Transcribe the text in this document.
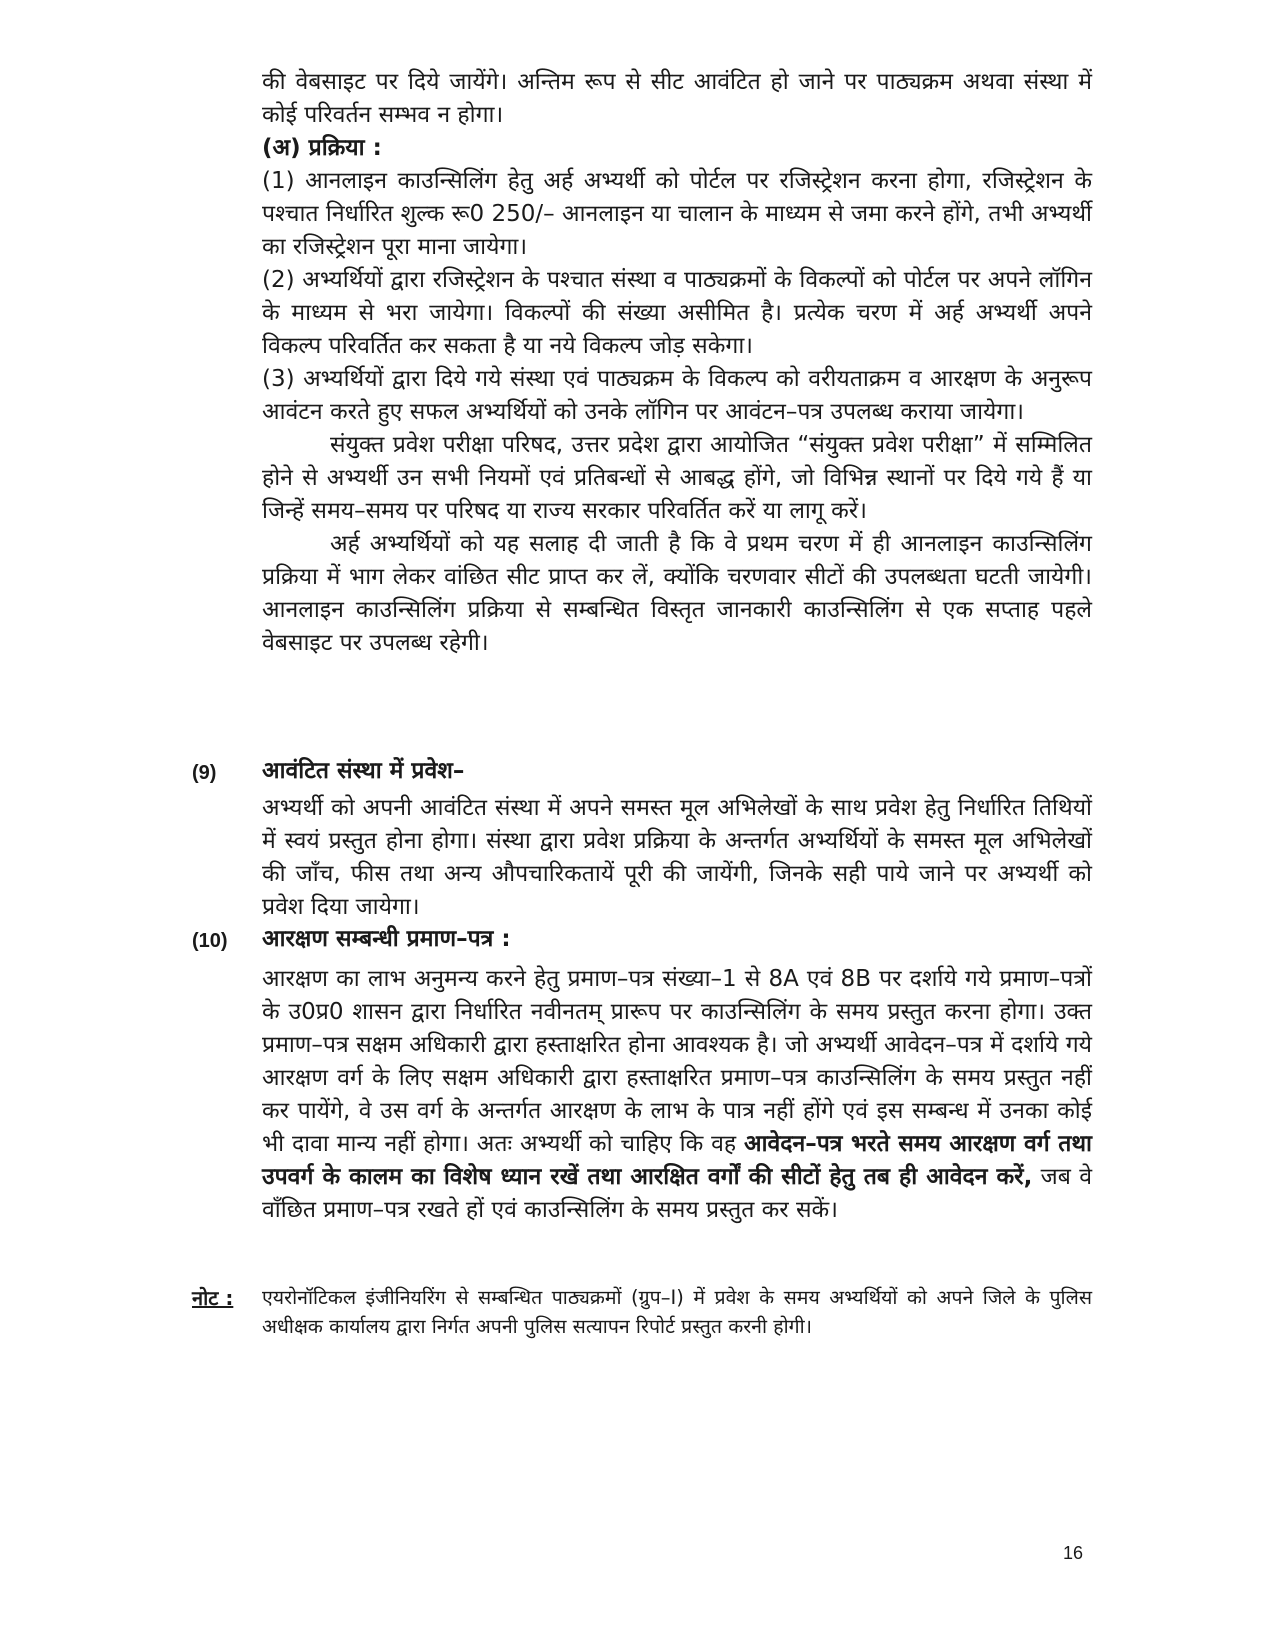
की वेबसाइट पर दिये जायेंगे। अन्तिम रूप से सीट आवंटित हो जाने पर पाठ्यक्रम अथवा संस्था में कोई परिवर्तन सम्भव न होगा।

(अ) प्रक्रिया :

(1) आनलाइन काउन्सिलिंग हेतु अर्ह अभ्यर्थी को पोर्टल पर रजिस्ट्रेशन करना होगा, रजिस्ट्रेशन के पश्चात निर्धारित शुल्क रू0 250/– आनलाइन या चालान के माध्यम से जमा करने होंगे, तभी अभ्यर्थी का रजिस्ट्रेशन पूरा माना जायेगा।

(2) अभ्यर्थियों द्वारा रजिस्ट्रेशन के पश्चात संस्था व पाठ्यक्रमों के विकल्पों को पोर्टल पर अपने लॉगिन के माध्यम से भरा जायेगा। विकल्पों की संख्या असीमित है। प्रत्येक चरण में अर्ह अभ्यर्थी अपने विकल्प परिवर्तित कर सकता है या नये विकल्प जोड़ सकेगा।

(3) अभ्यर्थियों द्वारा दिये गये संस्था एवं पाठ्यक्रम के विकल्प को वरीयताक्रम व आरक्षण के अनुरूप आवंटन करते हुए सफल अभ्यर्थियों को उनके लॉगिन पर आवंटन–पत्र उपलब्ध कराया जायेगा।

संयुक्त प्रवेश परीक्षा परिषद, उत्तर प्रदेश द्वारा आयोजित “संयुक्त प्रवेश परीक्षा” में सम्मिलित होने से अभ्यर्थी उन सभी नियमों एवं प्रतिबन्धों से आबद्ध होंगे, जो विभिन्न स्थानों पर दिये गये हैं या जिन्हें समय–समय पर परिषद या राज्य सरकार परिवर्तित करें या लागू करें।

अर्ह अभ्यर्थियों को यह सलाह दी जाती है कि वे प्रथम चरण में ही आनलाइन काउन्सिलिंग प्रक्रिया में भाग लेकर वांछित सीट प्राप्त कर लें, क्योंकि चरणवार सीटों की उपलब्धता घटती जायेगी। आनलाइन काउन्सिलिंग प्रक्रिया से सम्बन्धित विस्तृत जानकारी काउन्सिलिंग से एक सप्ताह पहले वेबसाइट पर उपलब्ध रहेगी।

(9) आवंटित संस्था में प्रवेश–

अभ्यर्थी को अपनी आवंटित संस्था में अपने समस्त मूल अभिलेखों के साथ प्रवेश हेतु निर्धारित तिथियों में स्वयं प्रस्तुत होना होगा। संस्था द्वारा प्रवेश प्रक्रिया के अन्तर्गत अभ्यर्थियों के समस्त मूल अभिलेखों की जाँच, फीस तथा अन्य औपचारिकतायें पूरी की जायेंगी, जिनके सही पाये जाने पर अभ्यर्थी को प्रवेश दिया जायेगा।

(10) आरक्षण सम्बन्धी प्रमाण–पत्र :

आरक्षण का लाभ अनुमन्य करने हेतु प्रमाण–पत्र संख्या–1 से 8A एवं 8B पर दर्शाये गये प्रमाण–पत्रों के उ0प्र0 शासन द्वारा निर्धारित नवीनतम् प्रारूप पर काउन्सिलिंग के समय प्रस्तुत करना होगा। उक्त प्रमाण–पत्र सक्षम अधिकारी द्वारा हस्ताक्षरित होना आवश्यक है। जो अभ्यर्थी आवेदन–पत्र में दर्शाये गये आरक्षण वर्ग के लिए सक्षम अधिकारी द्वारा हस्ताक्षरित प्रमाण–पत्र काउन्सिलिंग के समय प्रस्तुत नहीं कर पायेंगे, वे उस वर्ग के अन्तर्गत आरक्षण के लाभ के पात्र नहीं होंगे एवं इस सम्बन्ध में उनका कोई भी दावा मान्य नहीं होगा। अतः अभ्यर्थी को चाहिए कि वह आवेदन–पत्र भरते समय आरक्षण वर्ग तथा उपवर्ग के कालम का विशेष ध्यान रखें तथा आरक्षित वर्गों की सीटों हेतु तब ही आवेदन करें, जब वे वाँछित प्रमाण–पत्र रखते हों एवं काउन्सिलिंग के समय प्रस्तुत कर सकें।

नोट : एयरोनॉटिकल इंजीनियरिंग से सम्बन्धित पाठ्यक्रमों (ग्रुप–I) में प्रवेश के समय अभ्यर्थियों को अपने जिले के पुलिस अधीक्षक कार्यालय द्वारा निर्गत अपनी पुलिस सत्यापन रिपोर्ट प्रस्तुत करनी होगी।

16
